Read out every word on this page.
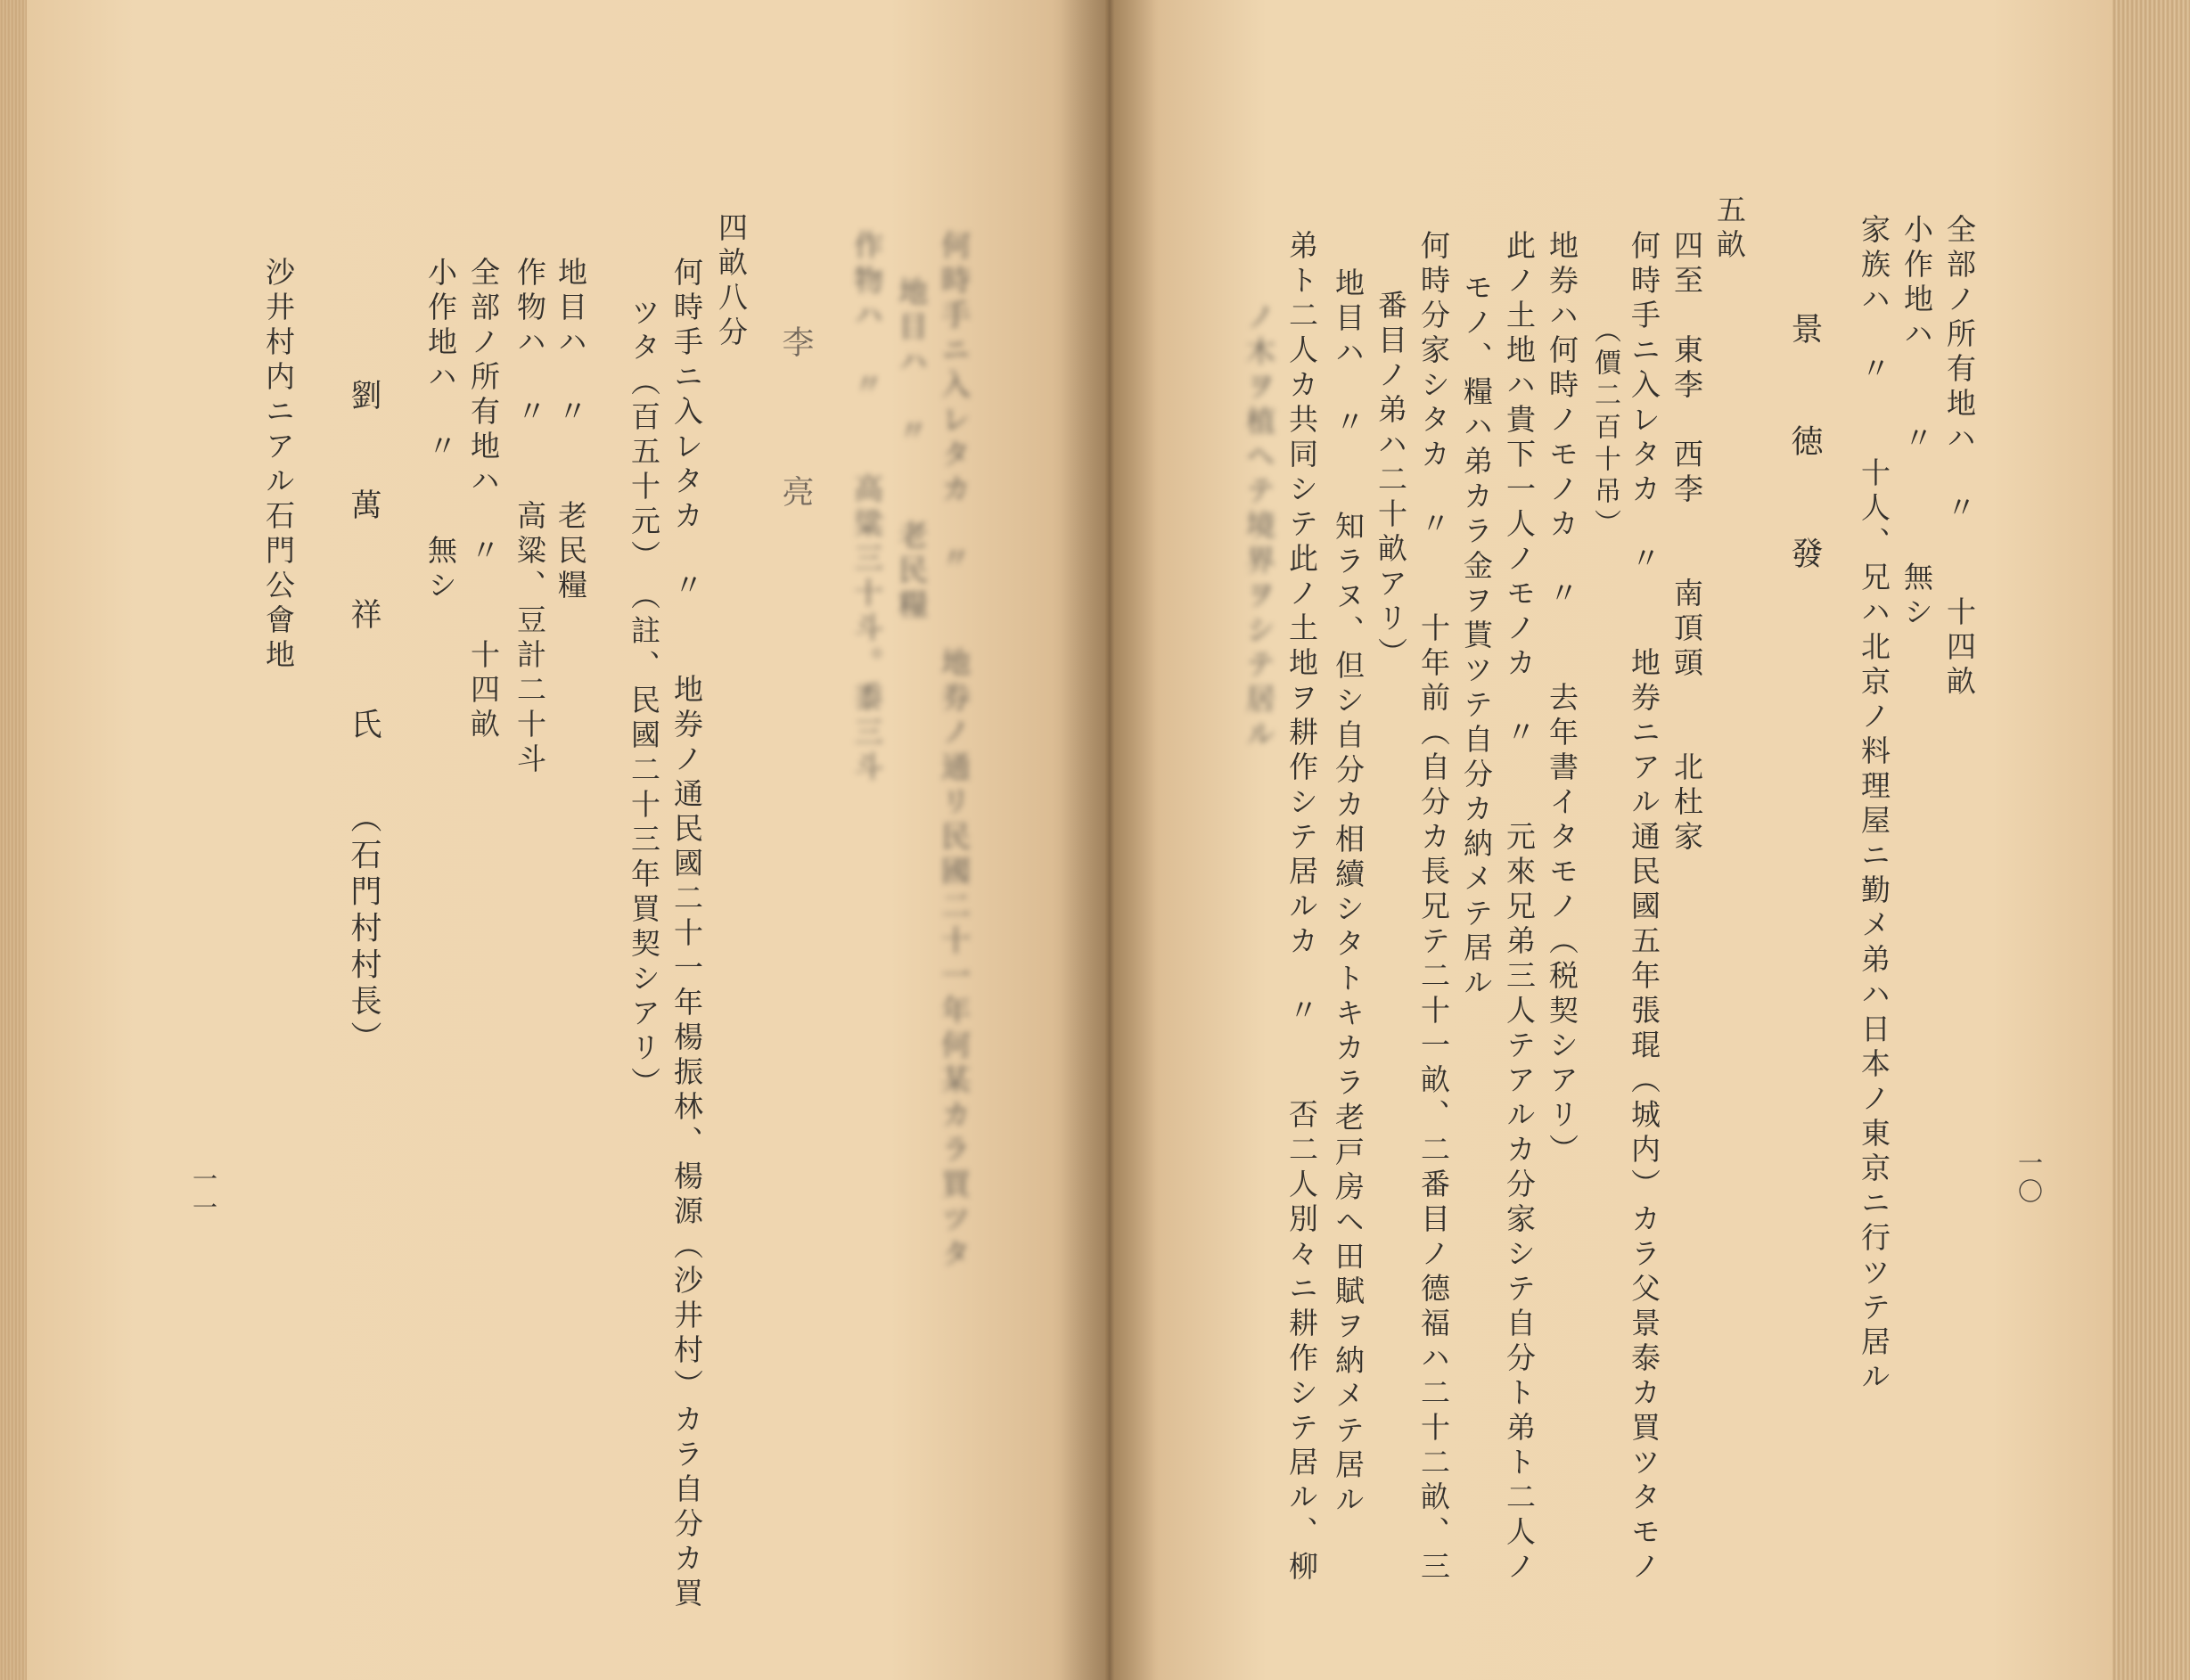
何時手ニ入レタカ　〃　　地券ノ通リ民國二十一年何某カラ買ツタ
地目ハ　〃　　老民糧
作物ハ　〃　　高粱三十斗。黍三斗
李　　　亮
四畝八分
何時手ニ入レタカ　〃　　地券ノ通民國二十一年楊振林、楊源（沙井村）カラ自分カ買
ツタ（百五十元）　（註、民國二十三年買契シアリ）
地目ハ　〃　　老民糧
作物ハ　〃　　高粱、豆計二十斗
全部ノ所有地ハ　〃　　十四畝
小作地ハ　〃　　無シ
劉　　萬　　祥　　氏　　（石門村村長）
沙井村内ニアル石門公會地
一一
全部ノ所有地ハ　〃　　十四畝
小作地ハ　　〃　　　無シ
家族ハ　〃　　十人、兄ハ北京ノ料理屋ニ勤メ弟ハ日本ノ東京ニ行ツテ居ル
景　　徳　　發
五畝
四至　東李　西李　　南頂頭　　北杜家
何時手ニ入レタカ　〃　　地券ニアル通民國五年張琨（城内）カラ父景泰カ買ツタモノ
（價二百十吊）
地券ハ何時ノモノカ　〃　　去年書イタモノ（税契シアリ）
此ノ土地ハ貴下一人ノモノカ　〃　　元來兄弟三人テアルカ分家シテ自分ト弟ト二人ノ
モノ、糧ハ弟カラ金ヲ貰ツテ自分カ納メテ居ル
何時分家シタカ　〃　　十年前（自分カ長兄テ二十一畝、二番目ノ德福ハ二十二畝、三
番目ノ弟ハ二十畝アリ）
地目ハ　〃　　知ラヌ、但シ自分カ相續シタトキカラ老戸房ヘ田賦ヲ納メテ居ル
弟ト二人カ共同シテ此ノ土地ヲ耕作シテ居ルカ　〃　　否二人別々ニ耕作シテ居ル、柳
ノ木ヲ植ヘテ境界ヲシテ居ル
一〇
